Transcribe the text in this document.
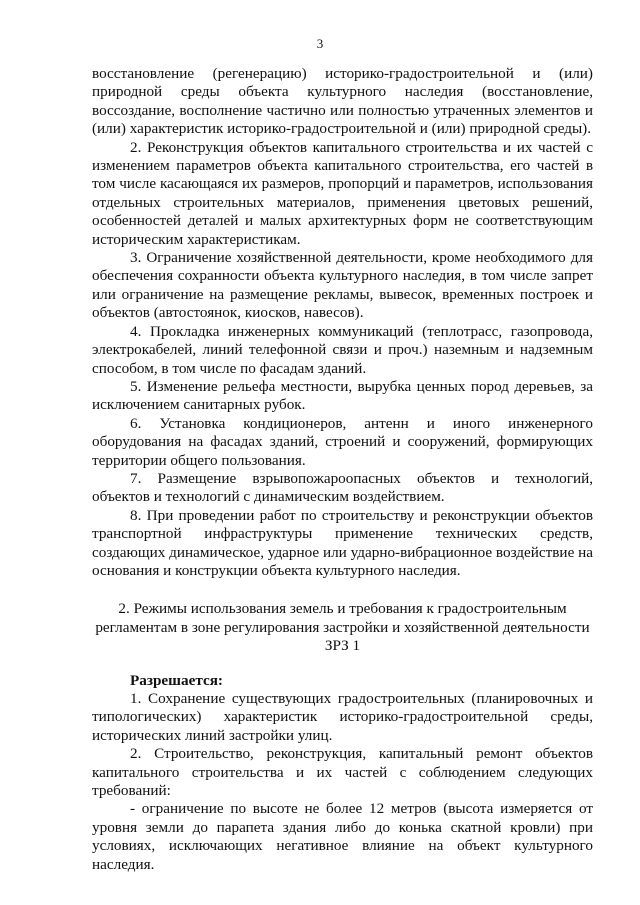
3

восстановление (регенерацию) историко-градостроительной и (или) природной среды объекта культурного наследия (восстановление, воссоздание, восполнение частично или полностью утраченных элементов и (или) характеристик историко-градостроительной и (или) природной среды).

2. Реконструкция объектов капитального строительства и их частей с изменением параметров объекта капитального строительства, его частей в том числе касающаяся их размеров, пропорций и параметров, использования отдельных строительных материалов, применения цветовых решений, особенностей деталей и малых архитектурных форм не соответствующим историческим характеристикам.

3. Ограничение хозяйственной деятельности, кроме необходимого для обеспечения сохранности объекта культурного наследия, в том числе запрет или ограничение на размещение рекламы, вывесок, временных построек и объектов (автостоянок, киосков, навесов).

4. Прокладка инженерных коммуникаций (теплотрасс, газопровода, электрокабелей, линий телефонной связи и проч.) наземным и надземным способом, в том числе по фасадам зданий.

5. Изменение рельефа местности, вырубка ценных пород деревьев, за исключением санитарных рубок.

6. Установка кондиционеров, антенн и иного инженерного оборудования на фасадах зданий, строений и сооружений, формирующих территории общего пользования.

7. Размещение взрывопожароопасных объектов и технологий, объектов и технологий с динамическим воздействием.

8. При проведении работ по строительству и реконструкции объектов транспортной инфраструктуры применение технических средств, создающих динамическое, ударное или ударно-вибрационное воздействие на основания и конструкции объекта культурного наследия.

2. Режимы использования земель и требования к градостроительным
регламентам в зоне регулирования застройки и хозяйственной деятельности
ЗРЗ 1

Разрешается:

1. Сохранение существующих градостроительных (планировочных и типологических) характеристик историко-градостроительной среды, исторических линий застройки улиц.

2. Строительство, реконструкция, капитальный ремонт объектов капитального строительства и их частей с соблюдением следующих требований:

- ограничение по высоте не более 12 метров (высота измеряется от уровня земли до парапета здания либо до конька скатной кровли) при условиях, исключающих негативное влияние на объект культурного наследия.
